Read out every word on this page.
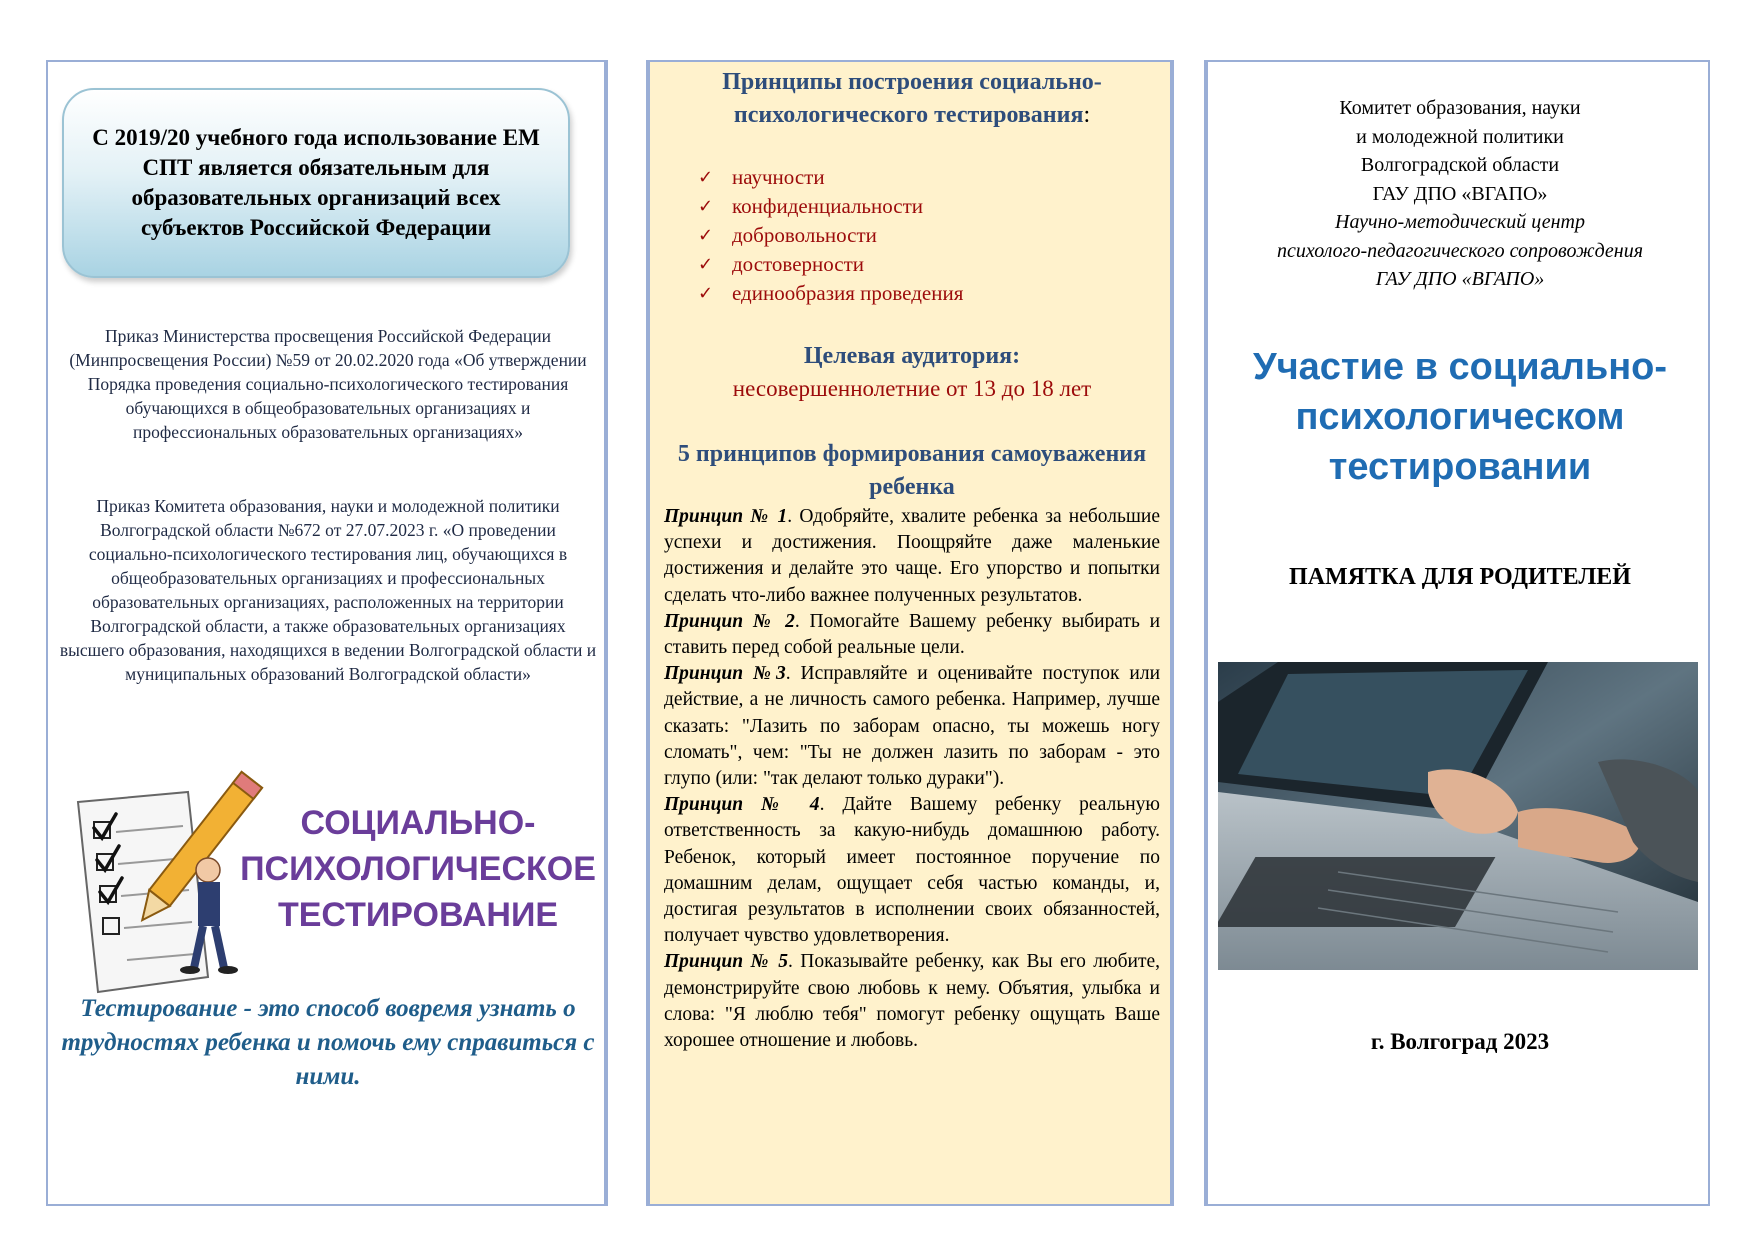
С 2019/20 учебного года использование ЕМ СПТ является обязательным для образовательных организаций всех субъектов Российской Федерации
Приказ Министерства просвещения Российской Федерации (Минпросвещения России) №59 от 20.02.2020 года «Об утверждении Порядка проведения социально-психологического тестирования обучающихся в общеобразовательных организациях и профессиональных образовательных организациях»
Приказ Комитета образования, науки и молодежной политики Волгоградской области №672 от 27.07.2023 г. «О проведении социально-психологического тестирования лиц, обучающихся в общеобразовательных организациях и профессиональных образовательных организациях, расположенных на территории Волгоградской области, а также образовательных организациях высшего образования, находящихся в ведении Волгоградской области и муниципальных образований Волгоградской области»
СОЦИАЛЬНО-
ПСИХОЛОГИЧЕСКОЕ
ТЕСТИРОВАНИЕ
Тестирование - это способ вовремя узнать о трудностях ребенка и помочь ему справиться с ними.
Принципы построения социально-психологического тестирования:
✓ научности
✓ конфиденциальности
✓ добровольности
✓ достоверности
✓ единообразия проведения
Целевая аудитория:
несовершеннолетние от 13 до 18 лет
5 принципов формирования самоуважения ребенка
Принцип № 1. Одобряйте, хвалите ребенка за небольшие успехи и достижения. Поощряйте даже маленькие достижения и делайте это чаще. Его упорство и попытки сделать что-либо важнее полученных результатов.
Принцип № 2. Помогайте Вашему ребенку выбирать и ставить перед собой реальные цели.
Принцип №3. Исправляйте и оценивайте поступок или действие, а не личность самого ребенка. Например, лучше сказать: "Лазить по заборам опасно, ты можешь ногу сломать", чем: "Ты не должен лазить по заборам - это глупо (или: "так делают только дураки").
Принцип № 4. Дайте Вашему ребенку реальную ответственность за какую-нибудь домашнюю работу. Ребенок, который имеет постоянное поручение по домашним делам, ощущает себя частью команды, и, достигая результатов в исполнении своих обязанностей, получает чувство удовлетворения.
Принцип № 5. Показывайте ребенку, как Вы его любите, демонстрируйте свою любовь к нему. Объятия, улыбка и слова: "Я люблю тебя" помогут ребенку ощущать Ваше хорошее отношение и любовь.
Комитет образования, науки
и молодежной политики
Волгоградской области
ГАУ ДПО «ВГАПО»
Научно-методический центр
психолого-педагогического сопровождения
ГАУ ДПО «ВГАПО»
Участие в социально-
психологическом
тестировании
ПАМЯТКА ДЛЯ РОДИТЕЛЕЙ
г. Волгоград 2023
